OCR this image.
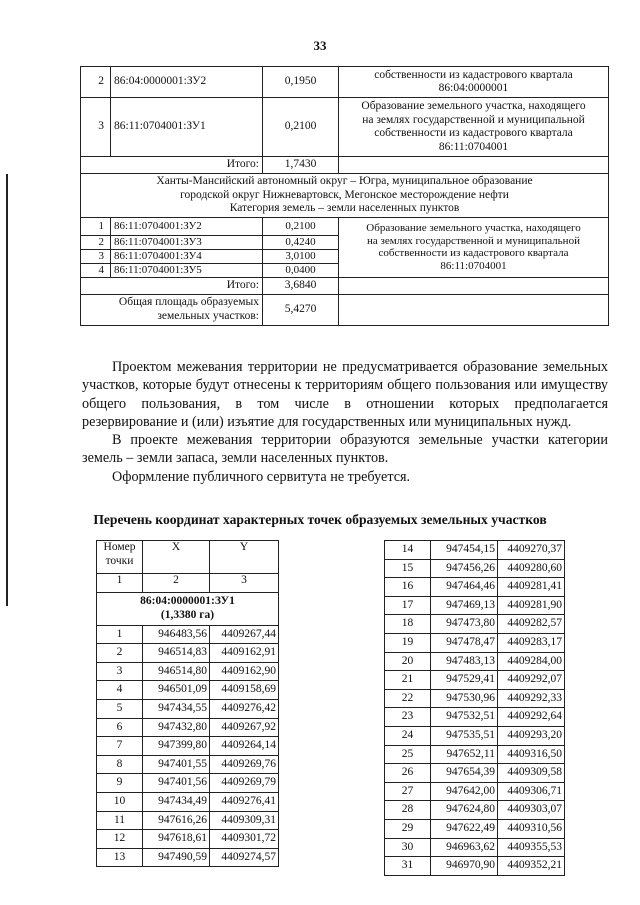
33
2	86:04:0000001:ЗУ2	0,1950	собственности из кадастрового квартала
86:04:0000001

3	86:11:0704001:ЗУ1	0,2100	Образование земельного участка, находящего
на землях государственной и муниципальной
собственности из кадастрового квартала
86:11:0704001

Итого:		1,7430	

Ханты-Мансийский автономный округ – Югра, муниципальное образование
городской округ Нижневартовск, Мегонское месторождение нефти
Категория земель – земли населенных пунктов			

1	86:11:0704001:ЗУ2	0,2100	Образование земельного участка, находящего
на землях государственной и муниципальной
собственности из кадастрового квартала
86:11:0704001

2	86:11:0704001:ЗУ3	0,4240	
3	86:11:0704001:ЗУ4	3,0100	
4	86:11:0704001:ЗУ5	0,0400	
Итого:		3,6840	

Общая площадь образуемых
земельных участков:		5,4270	

Проектом межевания территории не предусматривается образование земельных участков, которые будут отнесены к территориям общего пользования или имуществу общего пользования, в том числе в отношении которых предполагается резервирование и (или) изъятие для государственных или муниципальных нужд.

В проекте межевания территории образуются земельные участки категории земель – земли запаса, земли населенных пунктов.

Оформление публичного сервитута не требуется.

Перечень координат характерных точек образуемых земельных участков
Номер
точки	X	Y
1	2	3

86:04:0000001:ЗУ1
(1,3380 га)		

1	946483,56	4409267,44
2	946514,83	4409162,91
3	946514,80	4409162,90
4	946501,09	4409158,69
5	947434,55	4409276,42
6	947432,80	4409267,92
7	947399,80	4409264,14
8	947401,55	4409269,76
9	947401,56	4409269,79
10	947434,49	4409276,41
11	947616,26	4409309,31
12	947618,61	4409301,72
13	947490,59	4409274,57
14	947454,15	4409270,37
15	947456,26	4409280,60
16	947464,46	4409281,41
17	947469,13	4409281,90
18	947473,80	4409282,57
19	947478,47	4409283,17
20	947483,13	4409284,00
21	947529,41	4409292,07
22	947530,96	4409292,33
23	947532,51	4409292,64
24	947535,51	4409293,20
25	947652,11	4409316,50
26	947654,39	4409309,58
27	947642,00	4409306,71
28	947624,80	4409303,07
29	947622,49	4409310,56
30	946963,62	4409355,53
31	946970,90	4409352,21
